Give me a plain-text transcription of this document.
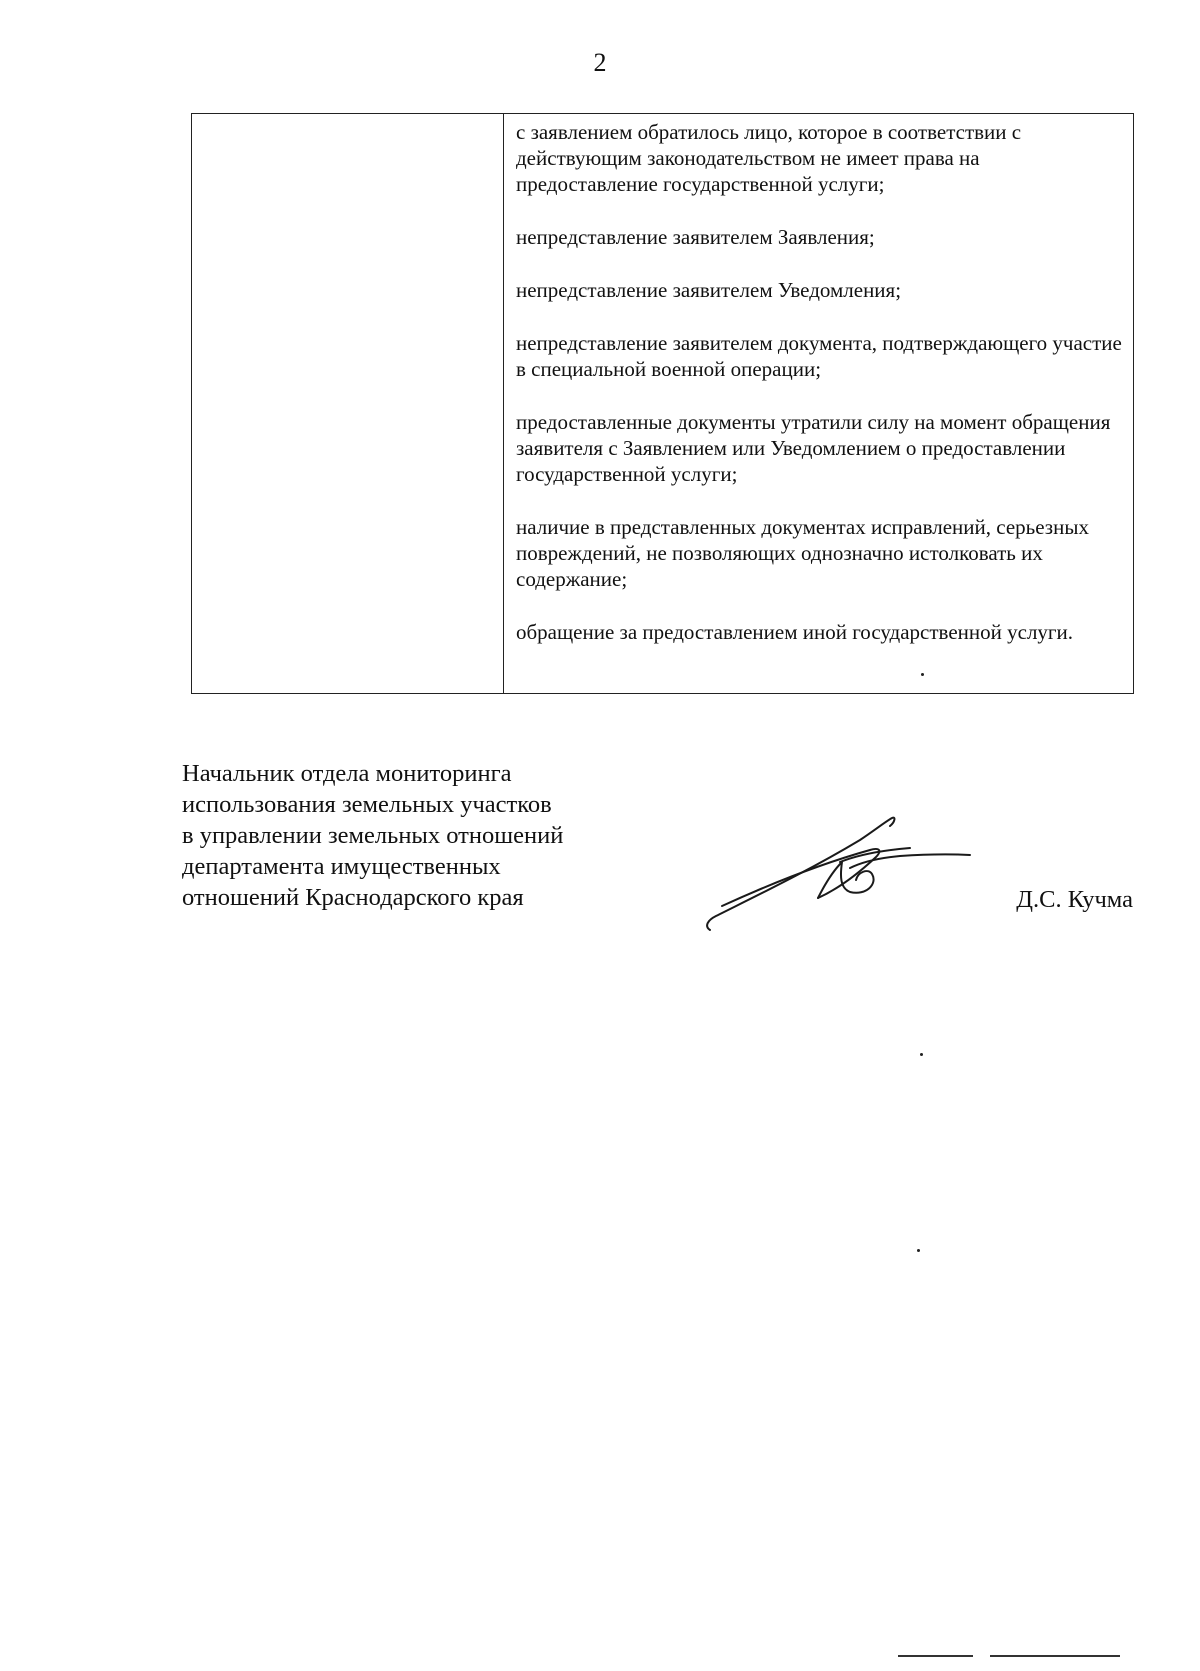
2

с заявлением обратилось лицо, которое в соответствии с действующим законодательством не имеет права на предоставление государственной услуги;

непредставление заявителем Заявления;

непредставление заявителем Уведомления;

непредставление заявителем документа, подтверждающего участие в специальной военной операции;

предоставленные документы утратили силу на момент обращения заявителя с Заявлением или Уведомлением о предоставлении государственной услуги;

наличие в представленных документах исправлений, серьезных повреждений, не позволяющих однозначно истолковать их содержание;

обращение за предоставлением иной государственной услуги.

Начальник отдела мониторинга
использования земельных участков
в управлении земельных отношений
департамента имущественных
отношений Краснодарского края	Д.С. Кучма
